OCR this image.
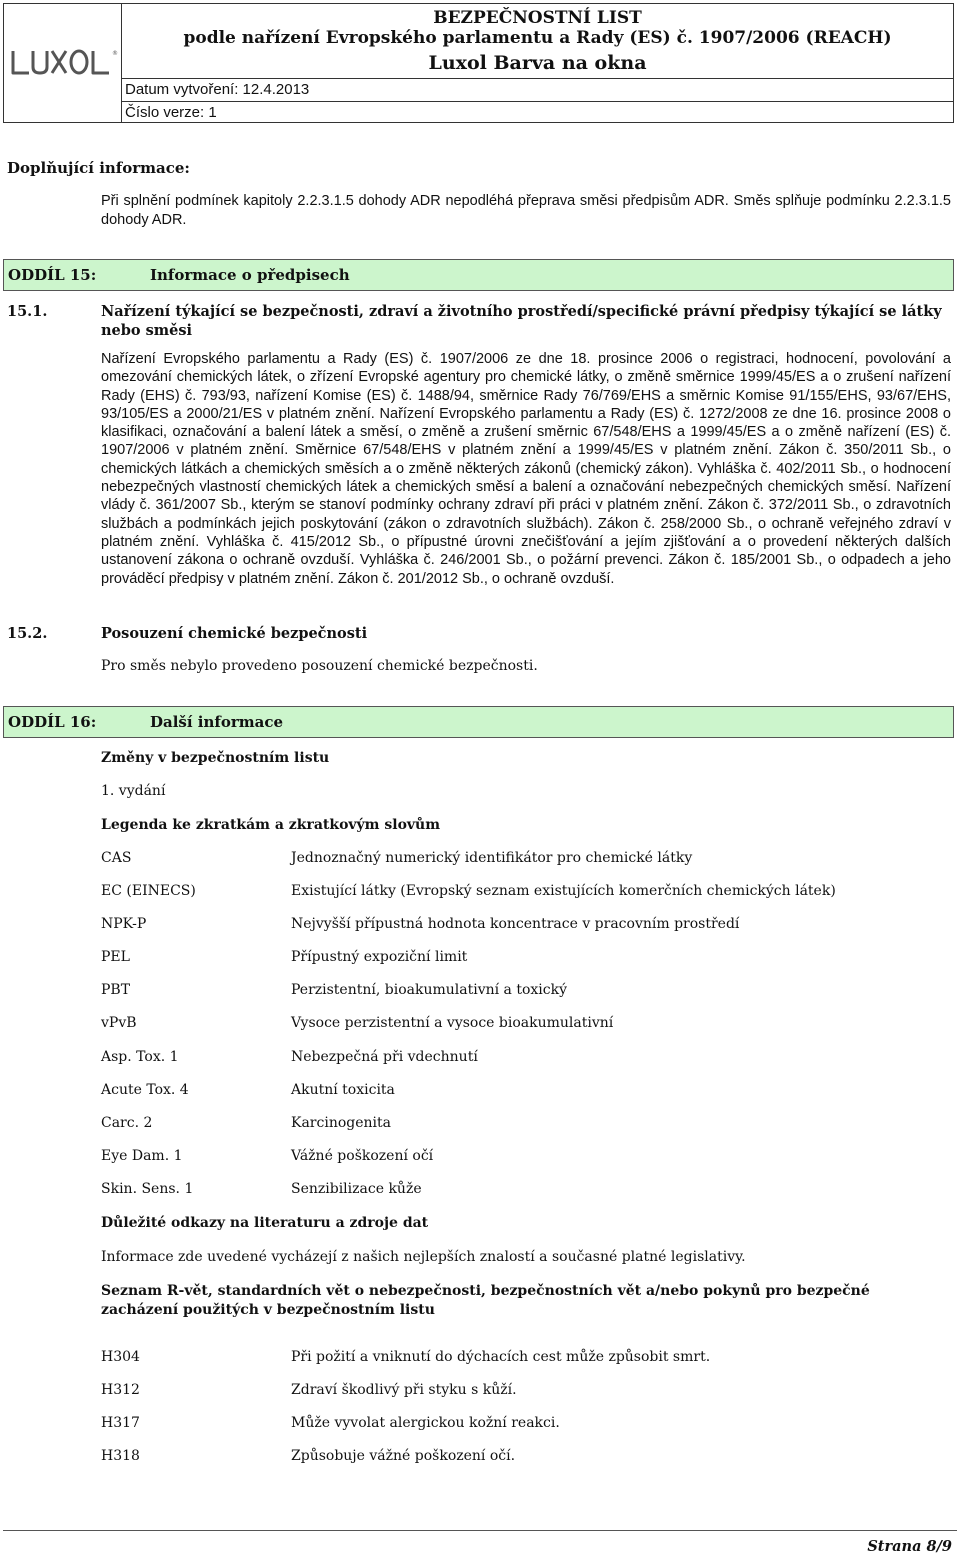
®
BEZPEČNOSTNÍ LIST
podle nařízení Evropského parlamentu a Rady (ES) č. 1907/2006 (REACH)
Luxol Barva na okna
Datum vytvoření: 12.4.2013
Číslo verze: 1
Doplňující informace:
Při splnění podmínek kapitoly 2.2.3.1.5 dohody ADR nepodléhá přeprava směsi předpisům ADR. Směs splňuje podmínku 2.2.3.1.5 dohody ADR.
ODDÍL 15:	Informace o předpisech
15.1.	Nařízení týkající se bezpečnosti, zdraví a životního prostředí/specifické právní předpisy týkající se látky nebo směsi
Nařízení Evropského parlamentu a Rady (ES) č. 1907/2006 ze dne 18. prosince 2006 o registraci, hodnocení, povolování a omezování chemických látek, o zřízení Evropské agentury pro chemické látky, o změně směrnice 1999/45/ES a o zrušení nařízení Rady (EHS) č. 793/93, nařízení Komise (ES) č. 1488/94, směrnice Rady 76/769/EHS a směrnic Komise 91/155/EHS, 93/67/EHS, 93/105/ES a 2000/21/ES v platném znění. Nařízení Evropského parlamentu a Rady (ES) č. 1272/2008 ze dne 16. prosince 2008 o klasifikaci, označování a balení látek a směsí, o změně a zrušení směrnic 67/548/EHS a 1999/45/ES a o změně nařízení (ES) č. 1907/2006 v platném znění. Směrnice 67/548/EHS v platném znění a 1999/45/ES v platném znění. Zákon č. 350/2011 Sb., o chemických látkách a chemických směsích a o změně některých zákonů (chemický zákon). Vyhláška č. 402/2011 Sb., o hodnocení nebezpečných vlastností chemických látek a chemických směsí a balení a označování nebezpečných chemických směsí. Nařízení vlády č. 361/2007 Sb., kterým se stanoví podmínky ochrany zdraví při práci v platném znění. Zákon č. 372/2011 Sb., o zdravotních službách a podmínkách jejich poskytování (zákon o zdravotních službách). Zákon č. 258/2000 Sb., o ochraně veřejného zdraví v platném znění. Vyhláška č. 415/2012 Sb., o přípustné úrovni znečišťování a jejím zjišťování a o provedení některých dalších ustanovení zákona o ochraně ovzduší. Vyhláška č. 246/2001 Sb., o požární prevenci. Zákon č. 185/2001 Sb., o odpadech a jeho prováděcí předpisy v platném znění. Zákon č. 201/2012 Sb., o ochraně ovzduší.
15.2.	Posouzení chemické bezpečnosti
Pro směs nebylo provedeno posouzení chemické bezpečnosti.
ODDÍL 16:	Další informace
Změny v bezpečnostním listu
1. vydání
Legenda ke zkratkám a zkratkovým slovům
CAS	Jednoznačný numerický identifikátor pro chemické látky
EC (EINECS)	Existující látky (Evropský seznam existujících komerčních chemických látek)
NPK-P	Nejvyšší přípustná hodnota koncentrace v pracovním prostředí
PEL	Přípustný expoziční limit
PBT	Perzistentní, bioakumulativní a toxický
vPvB	Vysoce perzistentní a vysoce bioakumulativní
Asp. Tox. 1	Nebezpečná při vdechnutí
Acute Tox. 4	Akutní toxicita
Carc. 2	Karcinogenita
Eye Dam. 1	Vážné poškození očí
Skin. Sens. 1	Senzibilizace kůže
Důležité odkazy na literaturu a zdroje dat
Informace zde uvedené vycházejí z našich nejlepších znalostí a současné platné legislativy.
Seznam R-vět, standardních vět o nebezpečnosti, bezpečnostních vět a/nebo pokynů pro bezpečné zacházení použitých v bezpečnostním listu
H304	Při požití a vniknutí do dýchacích cest může způsobit smrt.
H312	Zdraví škodlivý při styku s kůží.
H317	Může vyvolat alergickou kožní reakci.
H318	Způsobuje vážné poškození očí.
Strana 8/9
